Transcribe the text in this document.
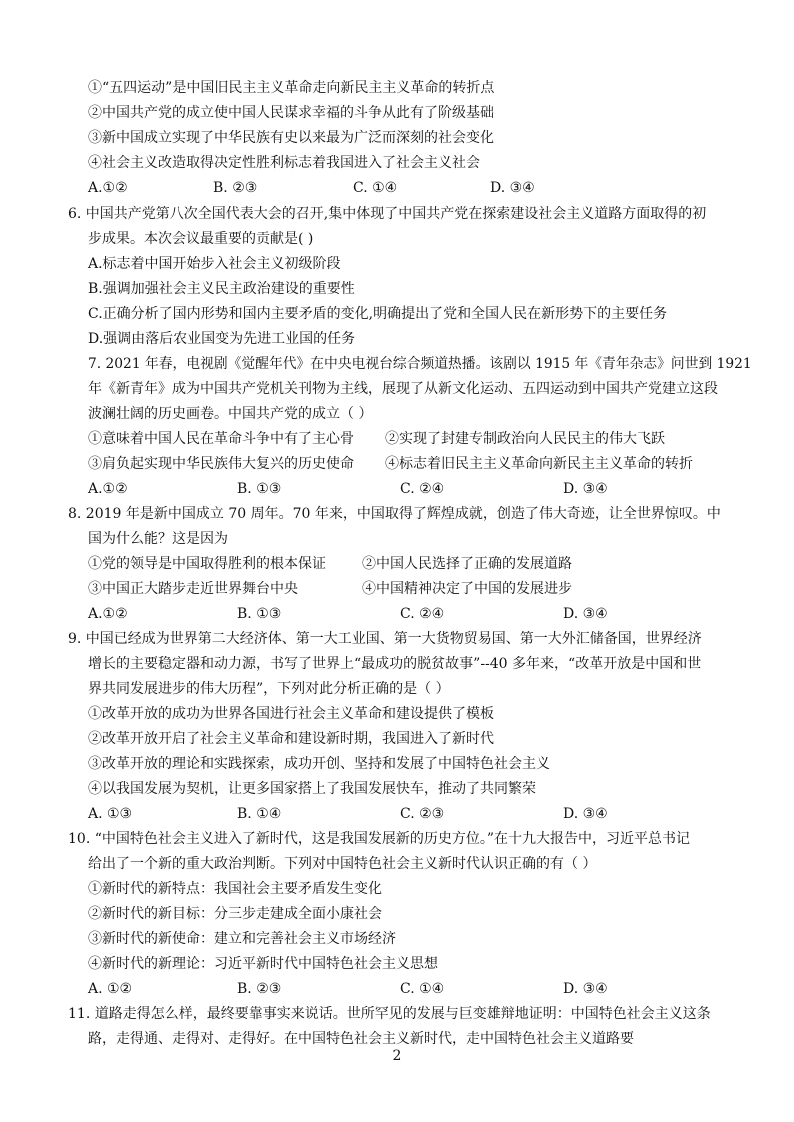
①“五四运动”是中国旧民主主义革命走向新民主主义革命的转折点
②中国共产党的成立使中国人民谋求幸福的斗争从此有了阶级基础
③新中国成立实现了中华民族有史以来最为广泛而深刻的社会变化
④社会主义改造取得决定性胜利标志着我国进入了社会主义社会
A.①②	B. ②③	C. ①④	D. ③④
6. 中国共产党第八次全国代表大会的召开,集中体现了中国共产党在探索建设社会主义道路方面取得的初
步成果。本次会议最重要的贡献是( )
A.标志着中国开始步入社会主义初级阶段
B.强调加强社会主义民主政治建设的重要性
C.正确分析了国内形势和国内主要矛盾的变化,明确提出了党和全国人民在新形势下的主要任务
D.强调由落后农业国变为先进工业国的任务
7. 2021 年春，电视剧《觉醒年代》在中央电视台综合频道热播。该剧以 1915 年《青年杂志》问世到 1921
年《新青年》成为中国共产党机关刊物为主线，展现了从新文化运动、五四运动到中国共产党建立这段
波澜壮阔的历史画卷。中国共产党的成立（ ）
①意味着中国人民在革命斗争中有了主心骨 ②实现了封建专制政治向人民民主的伟大飞跃
③肩负起实现中华民族伟大复兴的历史使命 ④标志着旧民主主义革命向新民主主义革命的转折
A.①②	B. ①③	C. ②④	D. ③④
8. 2019 年是新中国成立 70 周年。70 年来，中国取得了辉煌成就，创造了伟大奇迹，让全世界惊叹。中
国为什么能？这是因为
①党的领导是中国取得胜利的根本保证	②中国人民选择了正确的发展道路
③中国正大踏步走近世界舞台中央	④中国精神决定了中国的发展进步
A.①②	B. ①③	C. ②④	D. ③④
9. 中国已经成为世界第二大经济体、第一大工业国、第一大货物贸易国、第一大外汇储备国，世界经济
增长的主要稳定器和动力源，书写了世界上“最成功的脱贫故事”--40 多年来，“改革开放是中国和世
界共同发展进步的伟大历程”，下列对此分析正确的是（ ）
①改革开放的成功为世界各国进行社会主义革命和建设提供了模板
②改革开放开启了社会主义革命和建设新时期，我国进入了新时代
③改革开放的理论和实践探索，成功开创、坚持和发展了中国特色社会主义
④以我国发展为契机，让更多国家搭上了我国发展快车，推动了共同繁荣
A. ①③	B. ①④	C. ②③	D. ③④
10. “中国特色社会主义进入了新时代，这是我国发展新的历史方位。”在十九大报告中，习近平总书记
给出了一个新的重大政治判断。下列对中国特色社会主义新时代认识正确的有（ ）
①新时代的新特点：我国社会主要矛盾发生变化
②新时代的新目标：分三步走建成全面小康社会
③新时代的新使命：建立和完善社会主义市场经济
④新时代的新理论：习近平新时代中国特色社会主义思想
A. ①②	B. ②③	C. ①④	D. ③④
11. 道路走得怎么样，最终要靠事实来说话。世所罕见的发展与巨变雄辩地证明：中国特色社会主义这条
路，走得通、走得对、走得好。在中国特色社会主义新时代，走中国特色社会主义道路要
2
